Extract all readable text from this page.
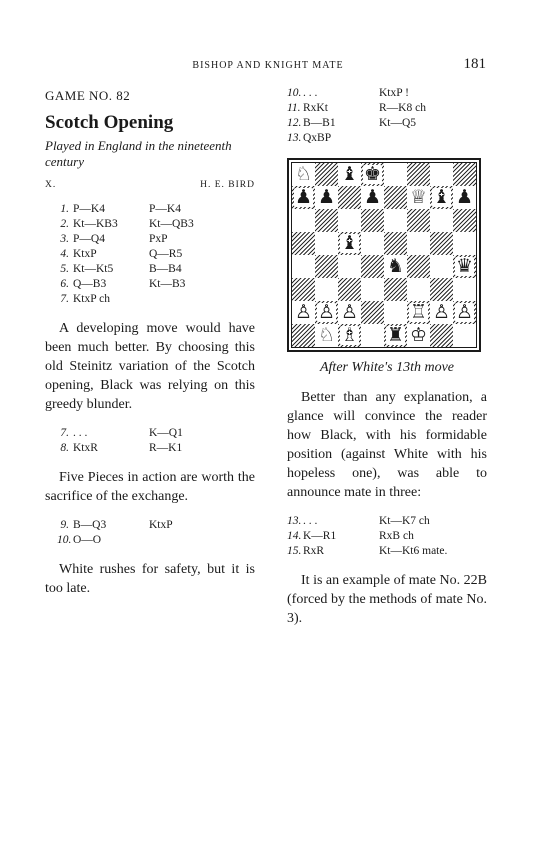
BISHOP AND KNIGHT MATE	181
GAME NO. 82
Scotch Opening
Played in England in the nineteenth century
X.	H. E. BIRD
1. P—K4	P—K4
2. Kt—KB3	Kt—QB3
3. P—Q4	PxP
4. KtxP	Q—R5
5. Kt—Kt5	B—B4
6. Q—B3	Kt—B3
7. KtxP ch

A developing move would have been much better. By choosing this old Steinitz variation of the Scotch opening, Black was relying on this greedy blunder.

7. . . .	K—Q1
8. KtxR	R—K1

Five Pieces in action are worth the sacrifice of the exchange.

9. B—Q3	KtxP
10. O—O

White rushes for safety, but it is too late.

10. . . .	KtxP !
11. RxKt	R—K8 ch
12. B—B1	Kt—Q5
13. QxBP
♘ ♝ ♚
♟ ♟ ♟ ♕ ♝ ♟
♝
♞	♛
♙ ♙ ♙	♖ ♙ ♙
♘ ♗ ♜ ♔
After White's 13th move

Better than any explanation, a glance will convince the reader how Black, with his formidable position (against White with his hopeless one), was able to announce mate in three:

13. . . .	Kt—K7 ch
14. K—R1	RxB ch
15. RxR	Kt—Kt6 mate.

It is an example of mate No. 22B (forced by the methods of mate No. 3).
